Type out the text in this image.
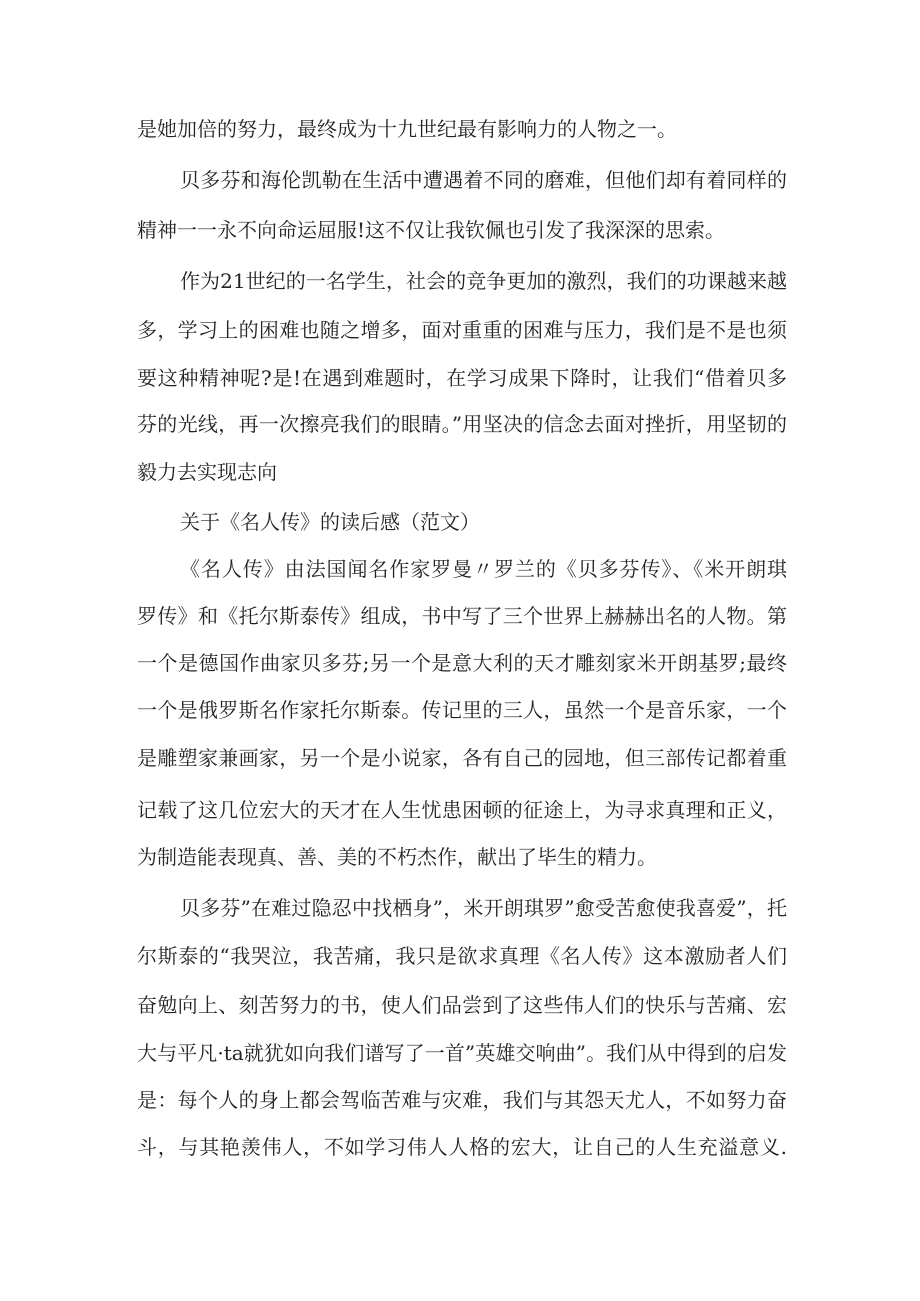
是她加倍的努力，最终成为十九世纪最有影响力的人物之一。
贝多芬和海伦凯勒在生活中遭遇着不同的磨难，但他们却有着同样的
精神一一永不向命运屈服!这不仅让我钦佩也引发了我深深的思索。
作为21世纪的一名学生，社会的竞争更加的激烈，我们的功课越来越
多，学习上的困难也随之增多，面对重重的困难与压力，我们是不是也须
要这种精神呢?是!在遇到难题时，在学习成果下降时，让我们“借着贝多
芬的光线，再一次擦亮我们的眼睛。”用坚决的信念去面对挫折，用坚韧的
毅力去实现志向
关于《名人传》的读后感（范文）
《名人传》由法国闻名作家罗曼〃罗兰的《贝多芬传》、《米开朗琪
罗传》和《托尔斯泰传》组成，书中写了三个世界上赫赫出名的人物。第
一个是德国作曲家贝多芬;另一个是意大利的天才雕刻家米开朗基罗;最终
一个是俄罗斯名作家托尔斯泰。传记里的三人，虽然一个是音乐家，一个
是雕塑家兼画家，另一个是小说家，各有自己的园地，但三部传记都着重
记载了这几位宏大的天才在人生忧患困顿的征途上，为寻求真理和正义，
为制造能表现真、善、美的不朽杰作，献出了毕生的精力。
贝多芬”在难过隐忍中找栖身”，米开朗琪罗”愈受苦愈使我喜爱”，托
尔斯泰的“我哭泣，我苦痛，我只是欲求真理《名人传》这本激励者人们
奋勉向上、刻苦努力的书，使人们品尝到了这些伟人们的快乐与苦痛、宏
大与平凡·ta就犹如向我们谱写了一首”英雄交响曲”。我们从中得到的启发
是：每个人的身上都会驾临苦难与灾难，我们与其怨天尤人，不如努力奋
斗，与其艳羡伟人，不如学习伟人人格的宏大，让自己的人生充溢意义.
